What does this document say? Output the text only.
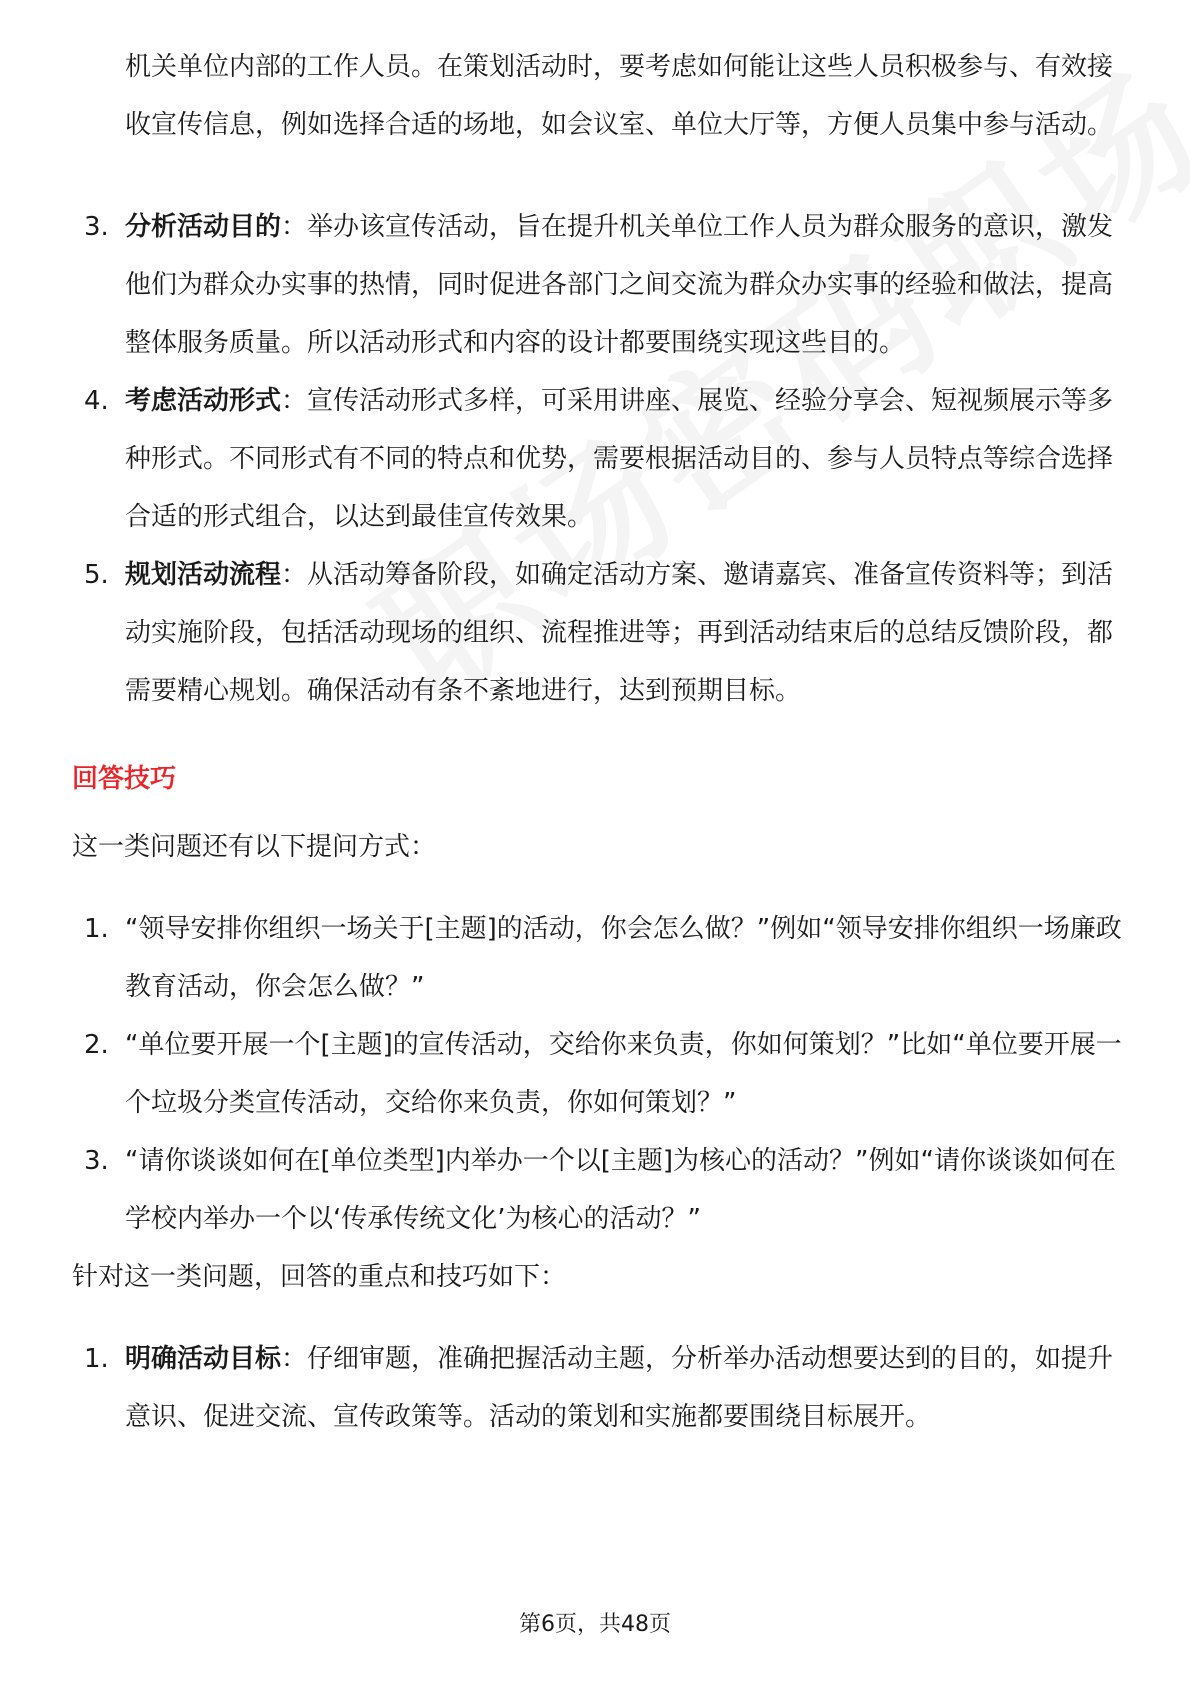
机关单位内部的工作人员。在策划活动时，要考虑如何能让这些人员积极参与、有效接收宣传信息，例如选择合适的场地，如会议室、单位大厅等，方便人员集中参与活动。
3. 分析活动目的：举办该宣传活动，旨在提升机关单位工作人员为群众服务的意识，激发他们为群众办实事的热情，同时促进各部门之间交流为群众办实事的经验和做法，提高整体服务质量。所以活动形式和内容的设计都要围绕实现这些目的。
4. 考虑活动形式：宣传活动形式多样，可采用讲座、展览、经验分享会、短视频展示等多种形式。不同形式有不同的特点和优势，需要根据活动目的、参与人员特点等综合选择合适的形式组合，以达到最佳宣传效果。
5. 规划活动流程：从活动筹备阶段，如确定活动方案、邀请嘉宾、准备宣传资料等；到活动实施阶段，包括活动现场的组织、流程推进等；再到活动结束后的总结反馈阶段，都需要精心规划。确保活动有条不紊地进行，达到预期目标。
回答技巧
这一类问题还有以下提问方式：
1. “领导安排你组织一场关于[主题]的活动，你会怎么做？”例如“领导安排你组织一场廉政教育活动，你会怎么做？”
2. “单位要开展一个[主题]的宣传活动，交给你来负责，你如何策划？”比如“单位要开展一个垃圾分类宣传活动，交给你来负责，你如何策划？”
3. “请你谈谈如何在[单位类型]内举办一个以[主题]为核心的活动？”例如“请你谈谈如何在学校内举办一个以‘传承传统文化’为核心的活动？”
针对这一类问题，回答的重点和技巧如下：
1. 明确活动目标：仔细审题，准确把握活动主题，分析举办活动想要达到的目的，如提升意识、促进交流、宣传政策等。活动的策划和实施都要围绕目标展开。
第6页，共48页
